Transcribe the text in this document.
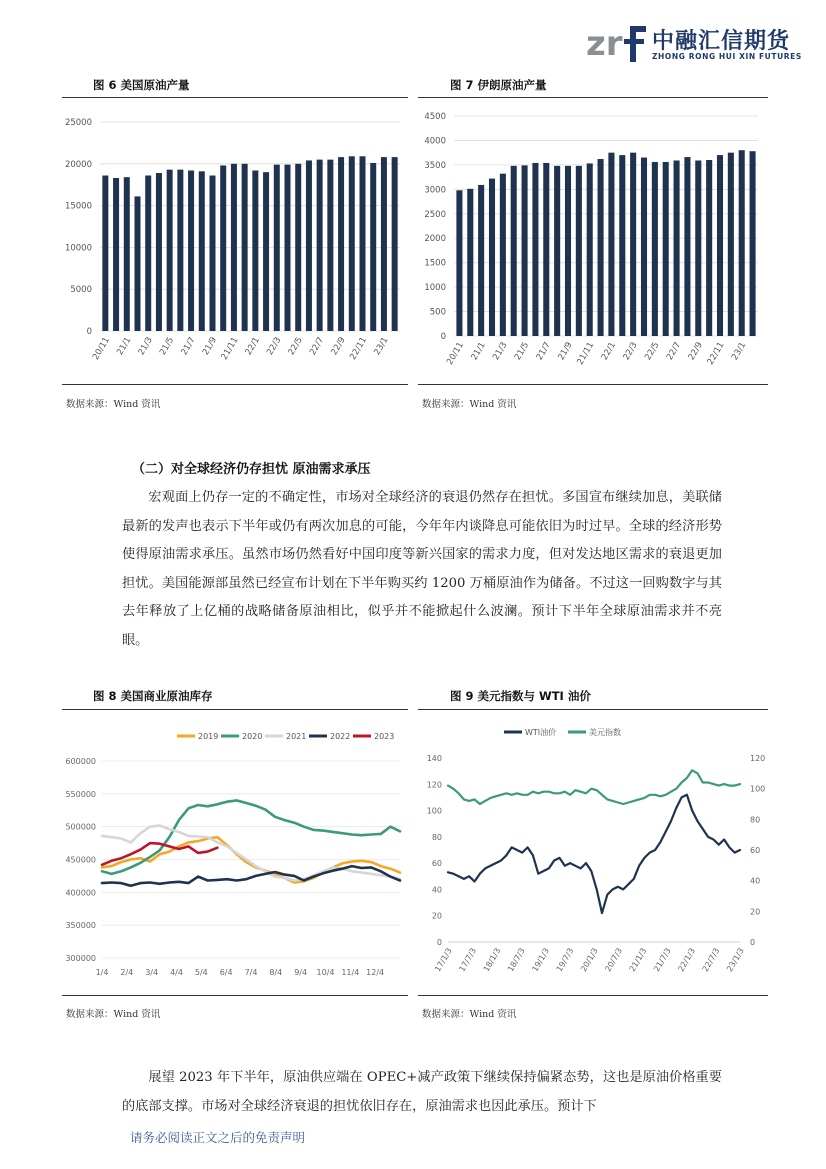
zr 中融汇信期货
ZHONG RONG HUI XIN FUTURES
图 6 美国原油产量
0
5000
10000
15000
20000
25000
20/11 21/1 21/3 21/5 21/7 21/9 21/11 22/1 22/3 22/5 22/7 22/9 22/11 23/1
数据来源：Wind 资讯
图 7 伊朗原油产量
0
500
1000
1500
2000
2500
3000
3500
4000
4500
20/11 21/1 21/3 21/5 21/7 21/9 21/11 22/1 22/3 22/5 22/7 22/9 22/11 23/1
数据来源：Wind 资讯
（二）对全球经济仍存担忧 原油需求承压

宏观面上仍存一定的不确定性，市场对全球经济的衰退仍然存在担忧。多国宣布继续加息，美联储最新的发声也表示下半年或仍有两次加息的可能，今年年内谈降息可能依旧为时过早。全球的经济形势使得原油需求承压。虽然市场仍然看好中国印度等新兴国家的需求力度，但对发达地区需求的衰退更加担忧。美国能源部虽然已经宣布计划在下半年购买约 1200 万桶原油作为储备。不过这一回购数字与其去年释放了上亿桶的战略储备原油相比，似乎并不能掀起什么波澜。预计下半年全球原油需求并不亮眼。

图 8 美国商业原油库存
300000
350000
400000
450000
500000
550000
600000
1/4 2/4 3/4 4/4 5/4 6/4 7/4 8/4 9/4 10/4 11/4 12/4
2019	2020	2021	2022	2023
数据来源：Wind 资讯
图 9 美元指数与 WTI 油价
0
20
40
60
80
100
120
140
0
20
40
60
80
100
120
17/1/3 17/7/3 18/1/3 18/7/3 19/1/3 19/7/3 20/1/3 20/7/3 21/1/3 21/7/3 22/1/3 22/7/3 23/1/3
WTI油价	美元指数
数据来源：Wind 资讯

展望 2023 年下半年，原油供应端在 OPEC+减产政策下继续保持偏紧态势，这也是原油价格重要的底部支撑。市场对全球经济衰退的担忧依旧存在，原油需求也因此承压。预计下

请务必阅读正文之后的免责声明
